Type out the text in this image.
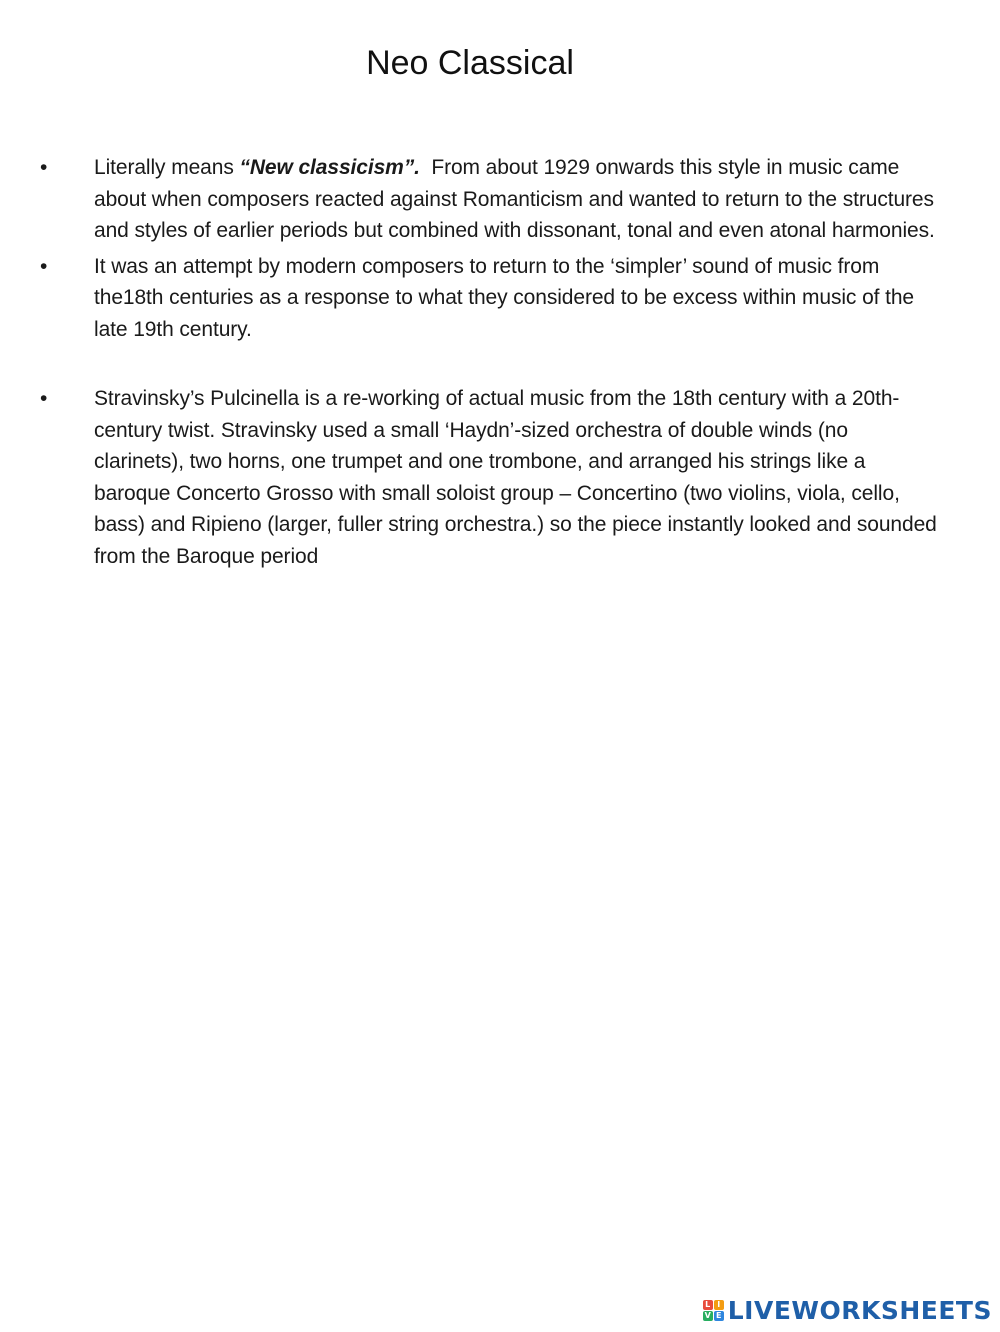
Neo Classical
•	Literally means “New classicism”.  From about 1929 onwards this style in music came about when composers reacted against Romanticism and wanted to return to the structures and styles of earlier periods but combined with dissonant, tonal and even atonal harmonies.
•	It was an attempt by modern composers to return to the ‘simpler’ sound of music from the18th centuries as a response to what they considered to be excess within music of the late 19th century.
•	Stravinsky’s Pulcinella is a re-working of actual music from the 18th century with a 20th-century twist. Stravinsky used a small ‘Haydn’-sized orchestra of double winds (no clarinets), two horns, one trumpet and one trombone, and arranged his strings like a baroque Concerto Grosso with small soloist group – Concertino (two violins, viola, cello, bass) and Ripieno (larger, fuller string orchestra.) so the piece instantly looked and sounded from the Baroque period
L I
V E LIVEWORKSHEETS
